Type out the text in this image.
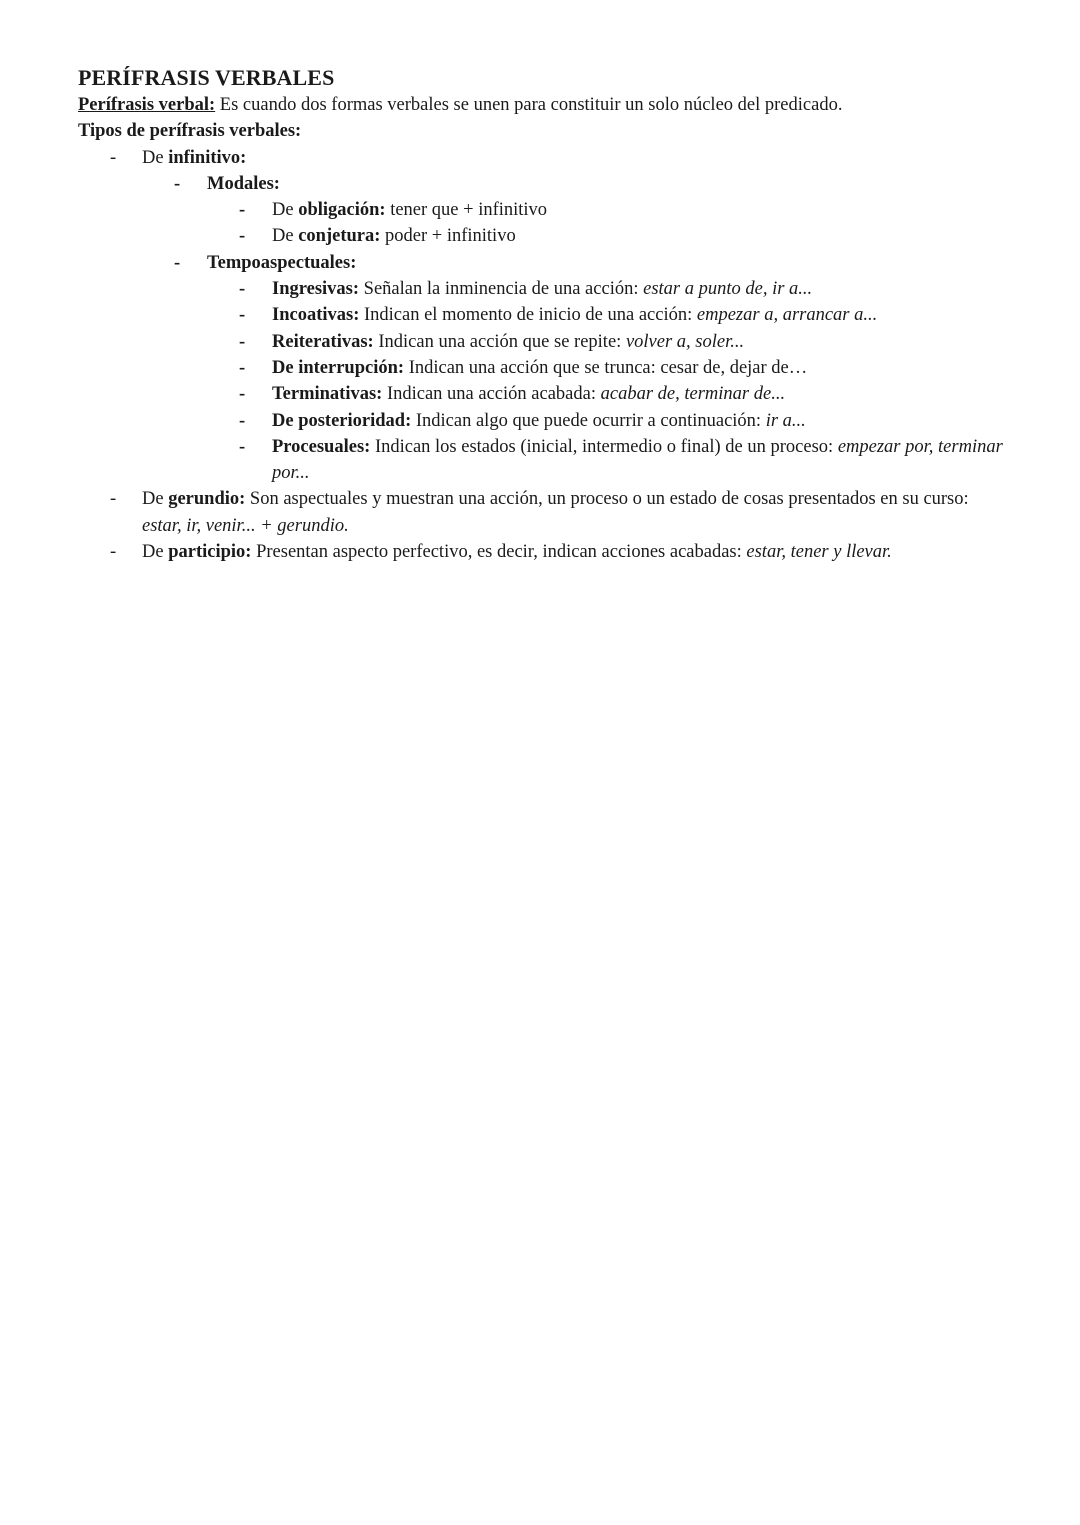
PERÍFRASIS VERBALES

Perífrasis verbal: Es cuando dos formas verbales se unen para constituir un solo núcleo del predicado.

Tipos de perífrasis verbales:

- De infinitivo:
- Modales:
- De obligación: tener que + infinitivo
- De conjetura: poder + infinitivo
- Tempoaspectuales:
- Ingresivas: Señalan la inminencia de una acción: estar a punto de, ir a...
- Incoativas: Indican el momento de inicio de una acción: empezar a, arrancar a...
- Reiterativas: Indican una acción que se repite: volver a, soler...
- De interrupción: Indican una acción que se trunca: cesar de, dejar de…
- Terminativas: Indican una acción acabada: acabar de, terminar de...
- De posterioridad: Indican algo que puede ocurrir a continuación: ir a...
- Procesuales: Indican los estados (inicial, intermedio o final) de un proceso: empezar por, terminar por...
- De gerundio: Son aspectuales y muestran una acción, un proceso o un estado de cosas presentados en su curso: estar, ir, venir... + gerundio.
- De participio: Presentan aspecto perfectivo, es decir, indican acciones acabadas: estar, tener y llevar.
